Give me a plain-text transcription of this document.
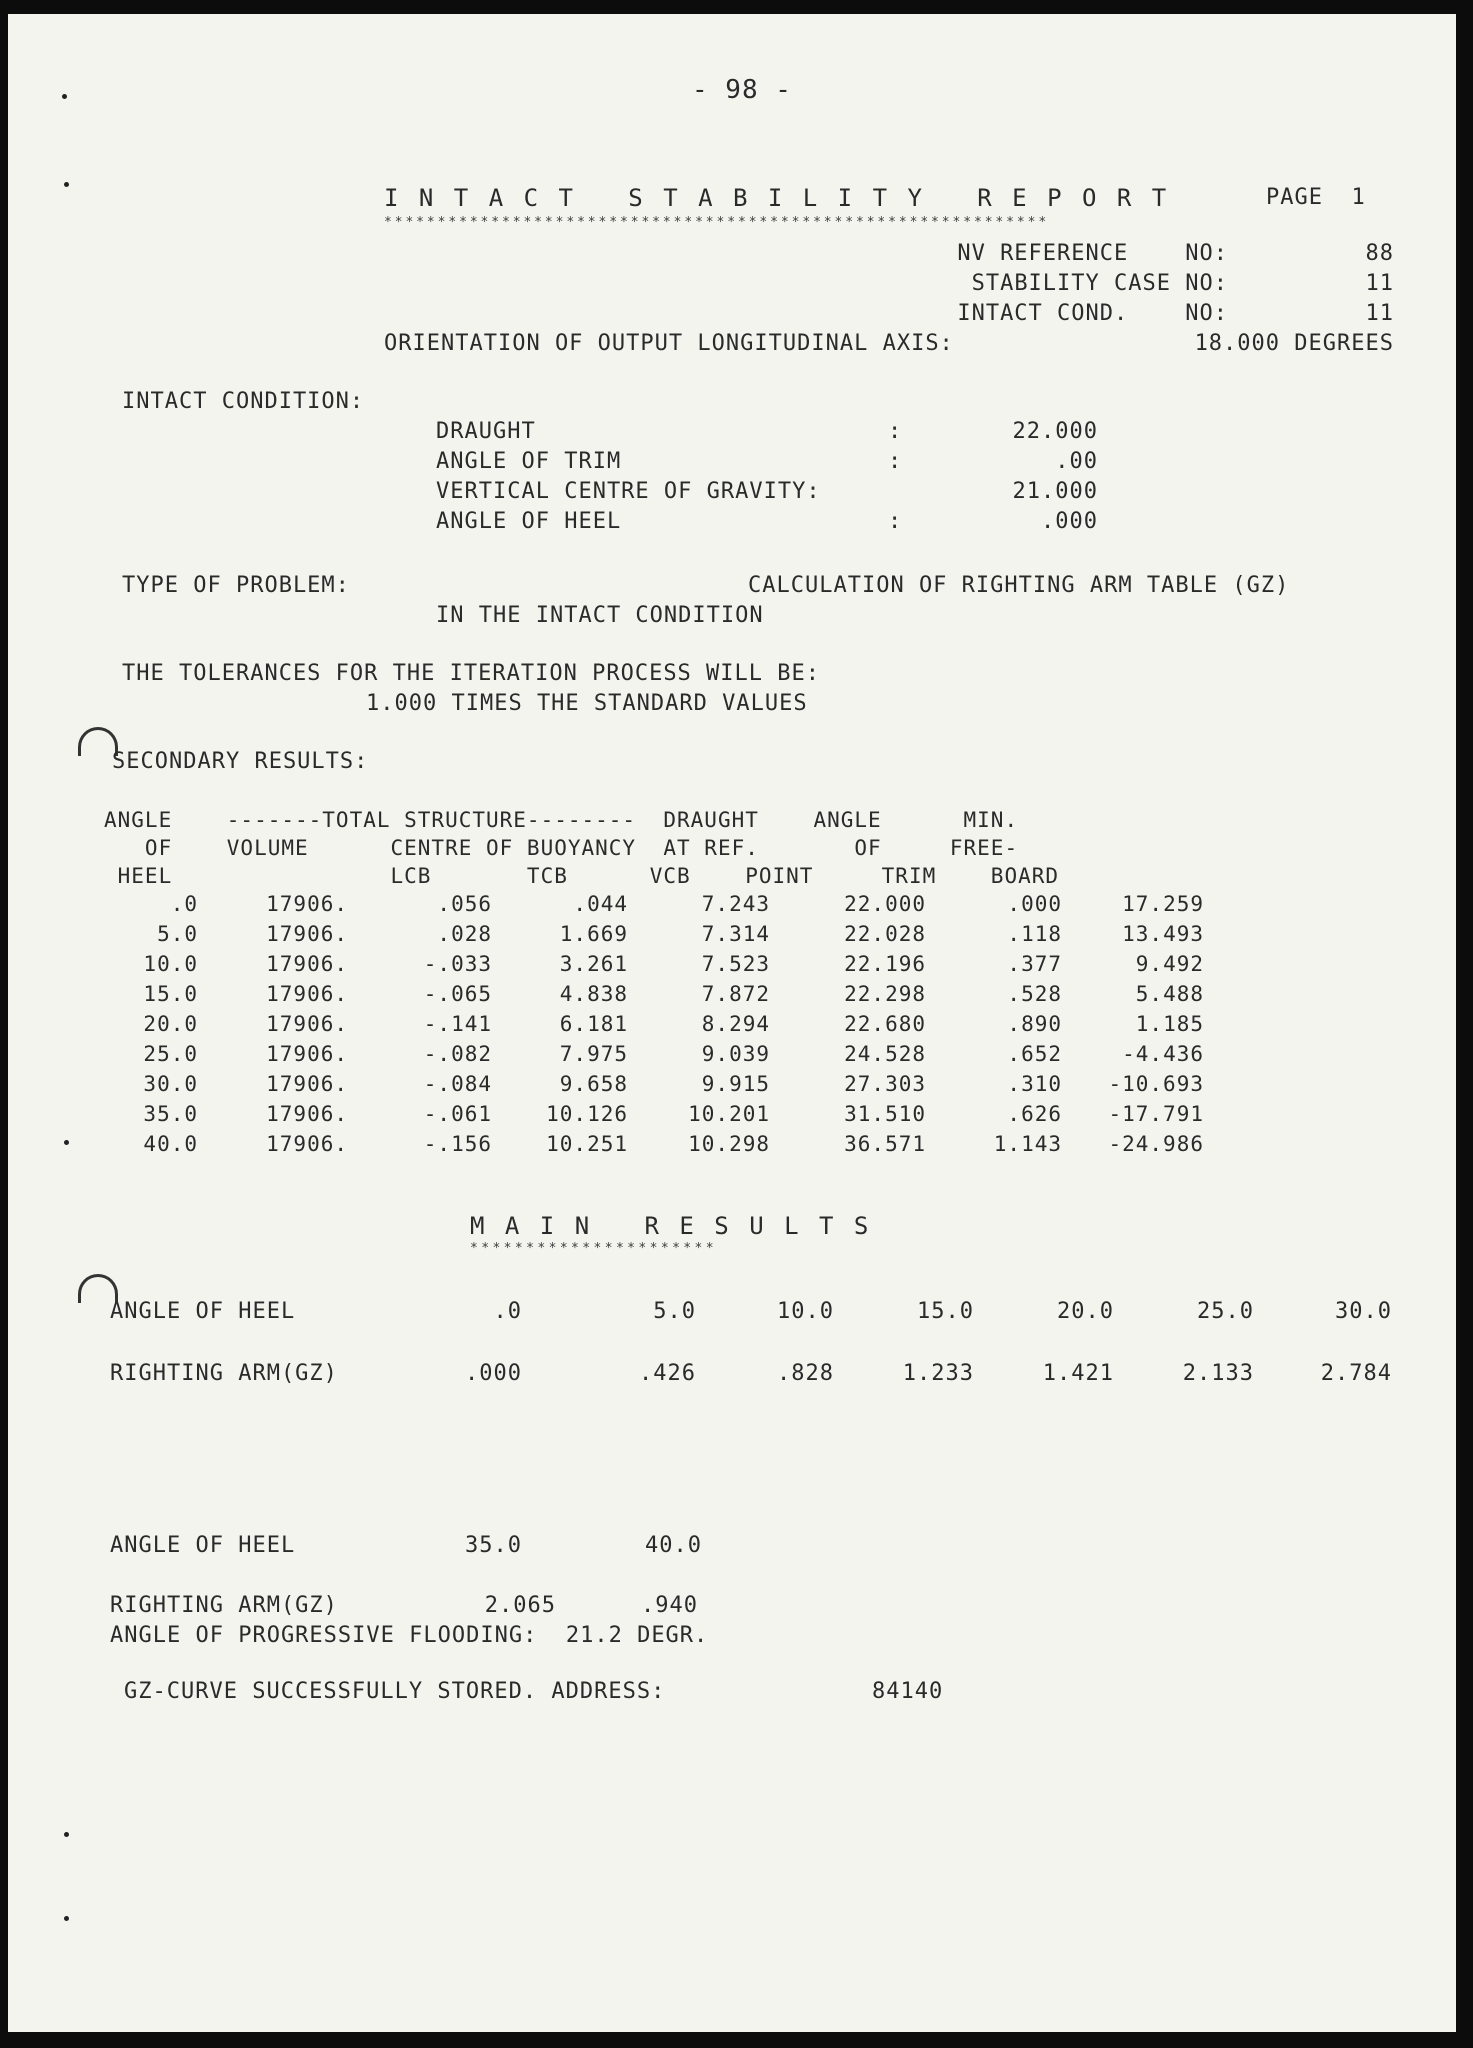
- 98 -
I N T A C T   S T A B I L I T Y   R E P O R T	PAGE  1
**************************************************************
NV REFERENCE    NO:	88
STABILITY CASE NO:	11
INTACT COND.    NO:	11
ORIENTATION OF OUTPUT LONGITUDINAL AXIS:	18.000 DEGREES
INTACT CONDITION:
DRAUGHT	:	22.000
ANGLE OF TRIM	:	.00
VERTICAL CENTRE OF GRAVITY:	21.000
ANGLE OF HEEL	:	.000
TYPE OF PROBLEM:	CALCULATION OF RIGHTING ARM TABLE (GZ)
IN THE INTACT CONDITION
THE TOLERANCES FOR THE ITERATION PROCESS WILL BE:
1.000 TIMES THE STANDARD VALUES
SECONDARY RESULTS:
ANGLE    -------TOTAL STRUCTURE--------  DRAUGHT    ANGLE      MIN.
OF    VOLUME      CENTRE OF BUOYANCY  AT REF.       OF     FREE-
HEEL                LCB       TCB      VCB    POINT     TRIM    BOARD
.0	17906.	.056	.044	7.243	22.000	.000	17.259
5.0	17906.	.028	1.669	7.314	22.028	.118	13.493
10.0	17906.	-.033	3.261	7.523	22.196	.377	9.492
15.0	17906.	-.065	4.838	7.872	22.298	.528	5.488
20.0	17906.	-.141	6.181	8.294	22.680	.890	1.185
25.0	17906.	-.082	7.975	9.039	24.528	.652	-4.436
30.0	17906.	-.084	9.658	9.915	27.303	.310	-10.693
35.0	17906.	-.061	10.126	10.201	31.510	.626	-17.791
40.0	17906.	-.156	10.251	10.298	36.571	1.143	-24.986
M A I N   R E S U L T S
**********************
ANGLE OF HEEL	.0	5.0	10.0	15.0	20.0	25.0	30.0
RIGHTING ARM(GZ)	.000	.426	.828	1.233	1.421	2.133	2.784
ANGLE OF HEEL	35.0	40.0
RIGHTING ARM(GZ)	2.065	.940
ANGLE OF PROGRESSIVE FLOODING:  21.2 DEGR.
GZ-CURVE SUCCESSFULLY STORED. ADDRESS:	84140
